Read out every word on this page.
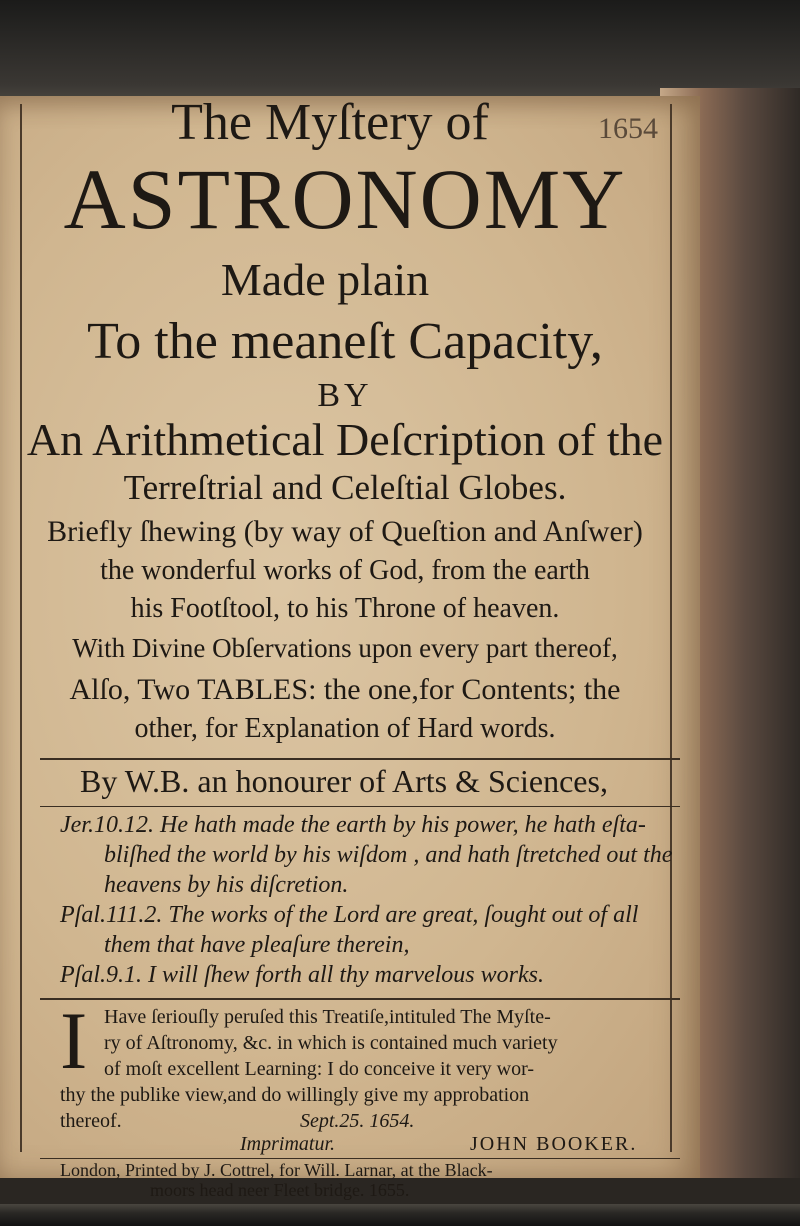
The Myſtery of	1654
ASTRONOMY
Made plain
To the meaneſt Capacity,
BY
An Arithmetical Deſcription of the
Terreſtrial and Celeſtial Globes.
Briefly ſhewing (by way of Queſtion and Anſwer)
the wonderful works of God, from the earth
his Footſtool, to his Throne of heaven.
With Divine Obſervations upon every part thereof,
Alſo, Two TABLES: the one,for Contents; the
other, for Explanation of Hard words.
By W.B. an honourer of Arts & Sciences,
Jer.10.12. He hath made the earth by his power, he hath eſta-
bliſhed the world by his wiſdom , and hath ſtretched out the
heavens by his diſcretion.
Pſal.111.2. The works of the Lord are great, ſought out of all
them that have pleaſure therein,
Pſal.9.1. I will ſhew forth all thy marvelous works.
I Have ſeriouſly peruſed this Treatiſe,intituled The Myſte-
ry of Aſtronomy, &c. in which is contained much variety
of moſt excellent Learning: I do conceive it very wor-
thy the publike view,and do willingly give my approbation
thereof.	Sept.25. 1654.
Imprimatur.	JOHN BOOKER.
London, Printed by J. Cottrel, for Will. Larnar, at the Black-
moors head neer Fleet bridge. 1655.
